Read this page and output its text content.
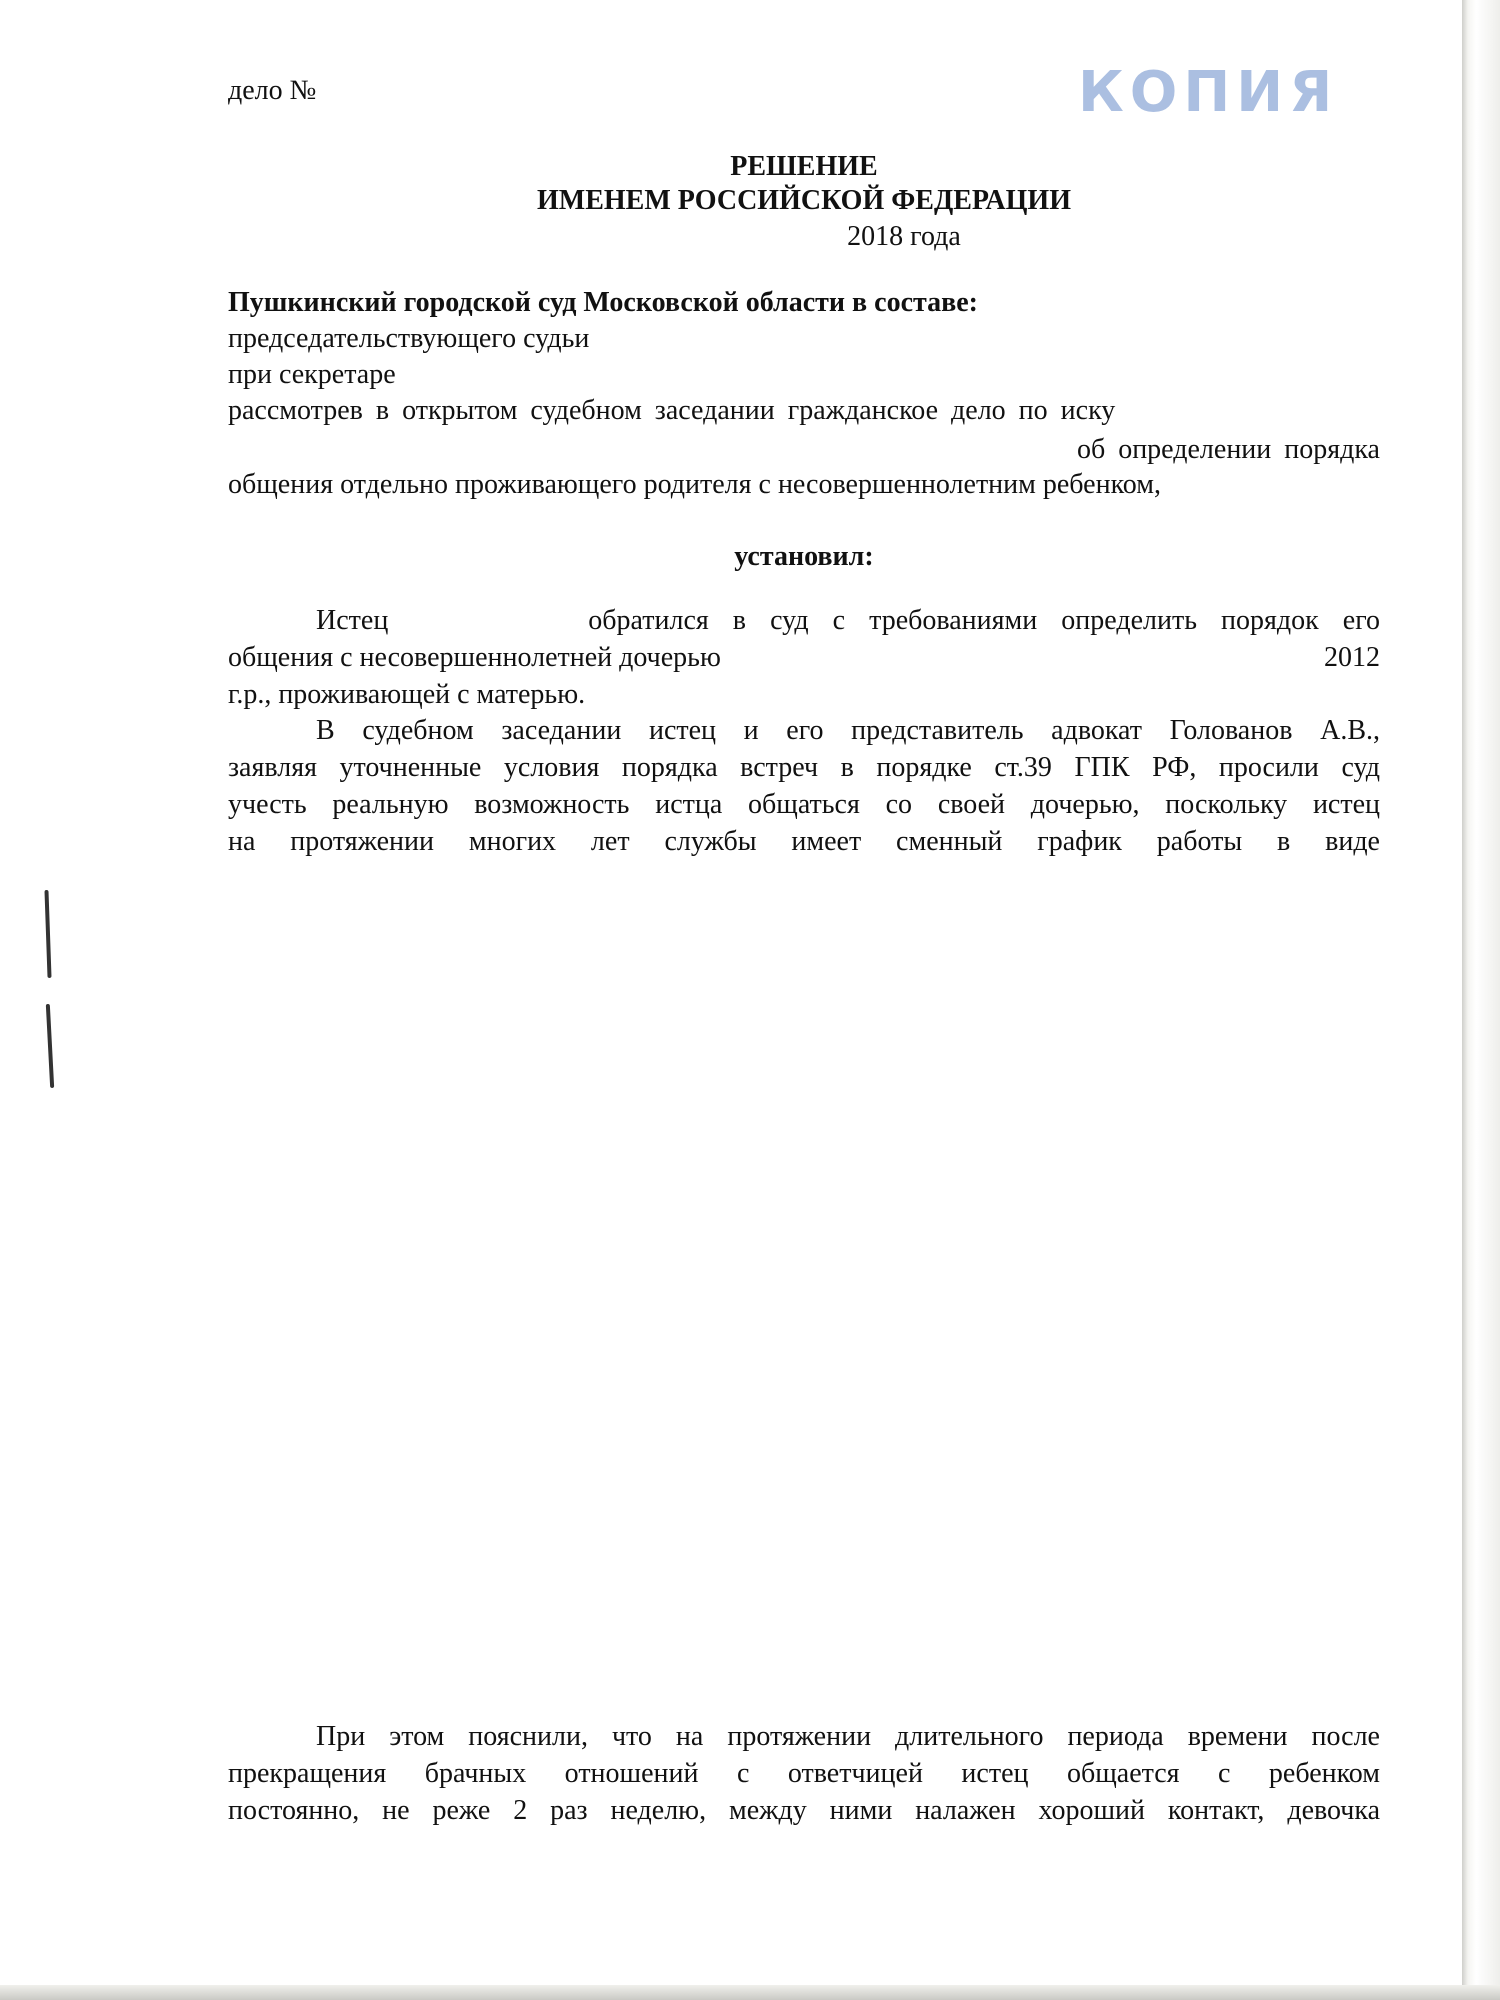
КОПИЯ

дело №

РЕШЕНИЕ

ИМЕНЕМ РОССИЙСКОЙ ФЕДЕРАЦИИ

2018 года

Пушкинский городской суд Московской области в составе:

председательствующего судьи

при секретаре

рассмотрев в открытом судебном заседании гражданское дело по иску

об определении порядка

общения отдельно проживающего родителя с несовершеннолетним ребенком,

установил:

Истец	обратился в суд с требованиями определить порядок его
общения с несовершеннолетней дочерью	2012
г.р., проживающей с матерью.
В судебном заседании истец и его представитель адвокат Голованов А.В.,
заявляя уточненные условия порядка встреч в порядке ст.39 ГПК РФ, просили суд
учесть реальную возможность истца общаться со своей дочерью, поскольку истец
на протяжении многих лет службы имеет сменный график работы в виде
При этом пояснили, что на протяжении длительного периода времени после
прекращения брачных отношений с ответчицей истец общается с ребенком
постоянно, не реже 2 раз неделю, между ними налажен хороший контакт, девочка
